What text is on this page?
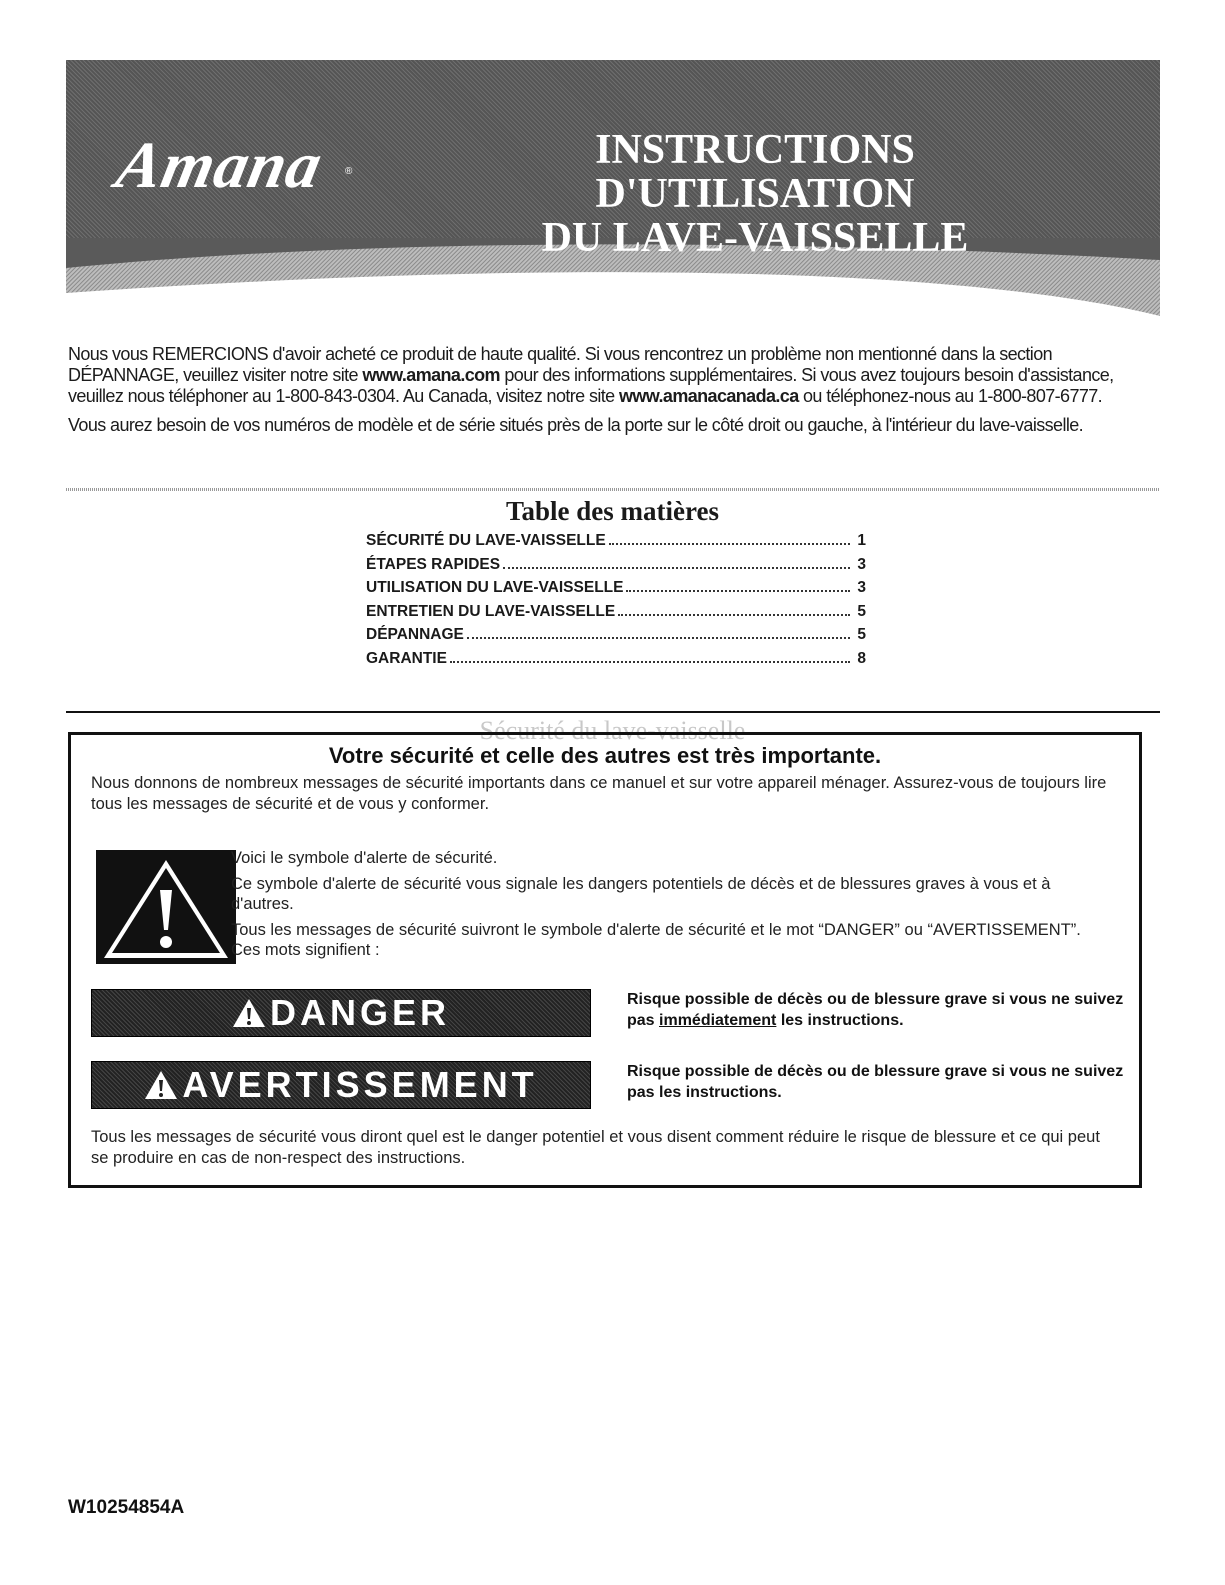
Amana ®	INSTRUCTIONS D'UTILISATION
DU LAVE-VAISSELLE

Nous vous REMERCIONS d'avoir acheté ce produit de haute qualité. Si vous rencontrez un problème non mentionné dans la section DÉPANNAGE, veuillez visiter notre site www.amana.com pour des informations supplémentaires. Si vous avez toujours besoin d'assistance, veuillez nous téléphoner au 1-800-843-0304. Au Canada, visitez notre site www.amanacanada.ca ou téléphonez-nous au 1-800-807-6777.

Vous aurez besoin de vos numéros de modèle et de série situés près de la porte sur le côté droit ou gauche, à l'intérieur du lave-vaisselle.

Table des matières
SÉCURITÉ DU LAVE-VAISSELLE	1
ÉTAPES RAPIDES	3
UTILISATION DU LAVE-VAISSELLE	3
ENTRETIEN DU LAVE-VAISSELLE	5
DÉPANNAGE	5
GARANTIE	8
Sécurité du lave-vaisselle
Votre sécurité et celle des autres est très importante.
Nous donnons de nombreux messages de sécurité importants dans ce manuel et sur votre appareil ménager. Assurez-vous de toujours lire tous les messages de sécurité et de vous y conformer.

Voici le symbole d'alerte de sécurité.

Ce symbole d'alerte de sécurité vous signale les dangers potentiels de décès et de blessures graves à vous et à d'autres.

Tous les messages de sécurité suivront le symbole d'alerte de sécurité et le mot “DANGER” ou “AVERTISSEMENT”. Ces mots signifient :

DANGER	Risque possible de décès ou de blessure grave si vous ne suivez pas immédiatement les instructions.
AVERTISSEMENT	Risque possible de décès ou de blessure grave si vous ne suivez pas les instructions.
Tous les messages de sécurité vous diront quel est le danger potentiel et vous disent comment réduire le risque de blessure et ce qui peut se produire en cas de non-respect des instructions.
W10254854A
